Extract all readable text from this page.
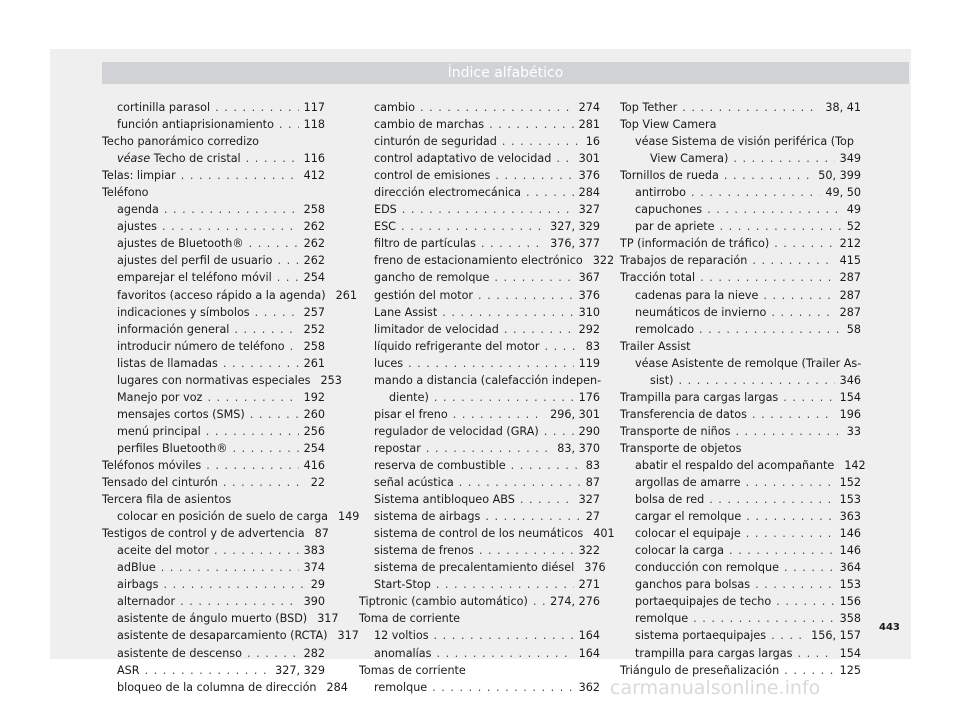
Índice alfabético
cortinilla parasol . . .	117
función antiaprisionamiento . . .	118
Techo panorámico corredizo
véase Techo de cristal . . .	116
Telas: limpiar . . .	412
Teléfono
agenda . . .	258
ajustes . . .	262
ajustes de Bluetooth® . . .	262
ajustes del perfil de usuario . . .	262
emparejar el teléfono móvil . . .	254
favoritos (acceso rápido a la agenda) 261
indicaciones y símbolos . . .	257
información general . . .	252
introducir número de teléfono . . . 258
listas de llamadas . . .	261
lugares con normativas especiales 253
Manejo por voz . . .	192
mensajes cortos (SMS) . . .	260
menú principal . . .	256
perfiles Bluetooth® . . .	254
Teléfonos móviles . . .	416
Tensado del cinturón . . .	22
Tercera fila de asientos
colocar en posición de suelo de carga 149
Testigos de control y de advertencia 87
aceite del motor . . .	383
adBlue . . .	374
airbags . . .	29
alternador . . .	390
asistente de ángulo muerto (BSD) 317
asistente de desaparcamiento (RCTA) 317
asistente de descenso . . .	282
ASR . . .	327, 329
bloqueo de la columna de dirección 284
cambio . . .	274
cambio de marchas . . .	281
cinturón de seguridad . . .	16
control adaptativo de velocidad . . . 301
control de emisiones . . .	376
dirección electromecánica . . .	284
EDS . . .	327
ESC . . .	327, 329
filtro de partículas . . .	376, 377
freno de estacionamiento electrónico 322
gancho de remolque . . .	367
gestión del motor . . .	376
Lane Assist . . .	310
limitador de velocidad . . .	292
líquido refrigerante del motor . . .	83
luces . . .	119
mando a distancia (calefacción indepen-
diente) . . .	176
pisar el freno . . .	296, 301
regulador de velocidad (GRA) . . .	290
repostar . . .	83, 370
reserva de combustible . . .	83
señal acústica . . .	87
Sistema antibloqueo ABS . . .	327
sistema de airbags . . .	27
sistema de control de los neumáticos 401
sistema de frenos . . .	322
sistema de precalentamiento diésel 376
Start-Stop . . .	271
Tiptronic (cambio automático) . . . 274, 276
Toma de corriente
12 voltios . . .	164
anomalías . . .	164
Tomas de corriente
remolque . . .	362
Top Tether . . .	38, 41
Top View Camera
véase Sistema de visión periférica (Top
View Camera) . . .	349
Tornillos de rueda . . .	50, 399
antirrobo . . .	49, 50
capuchones . . .	49
par de apriete . . .	52
TP (información de tráfico) . . .	212
Trabajos de reparación . . .	415
Tracción total . . .	287
cadenas para la nieve . . .	287
neumáticos de invierno . . .	287
remolcado . . .	58
Trailer Assist
véase Asistente de remolque (Trailer As-
sist) . . .	346
Trampilla para cargas largas . . .	154
Transferencia de datos . . .	196
Transporte de niños . . .	33
Transporte de objetos
abatir el respaldo del acompañante 142
argollas de amarre . . .	152
bolsa de red . . .	153
cargar el remolque . . .	363
colocar el equipaje . . .	146
colocar la carga . . .	146
conducción con remolque . . .	364
ganchos para bolsas . . .	153
portaequipajes de techo . . .	156
remolque . . .	358
sistema portaequipajes . . .	156, 157
trampilla para cargas largas . . .	154
Triángulo de preseñalización . . .	125
443
carmanualsonline.info
